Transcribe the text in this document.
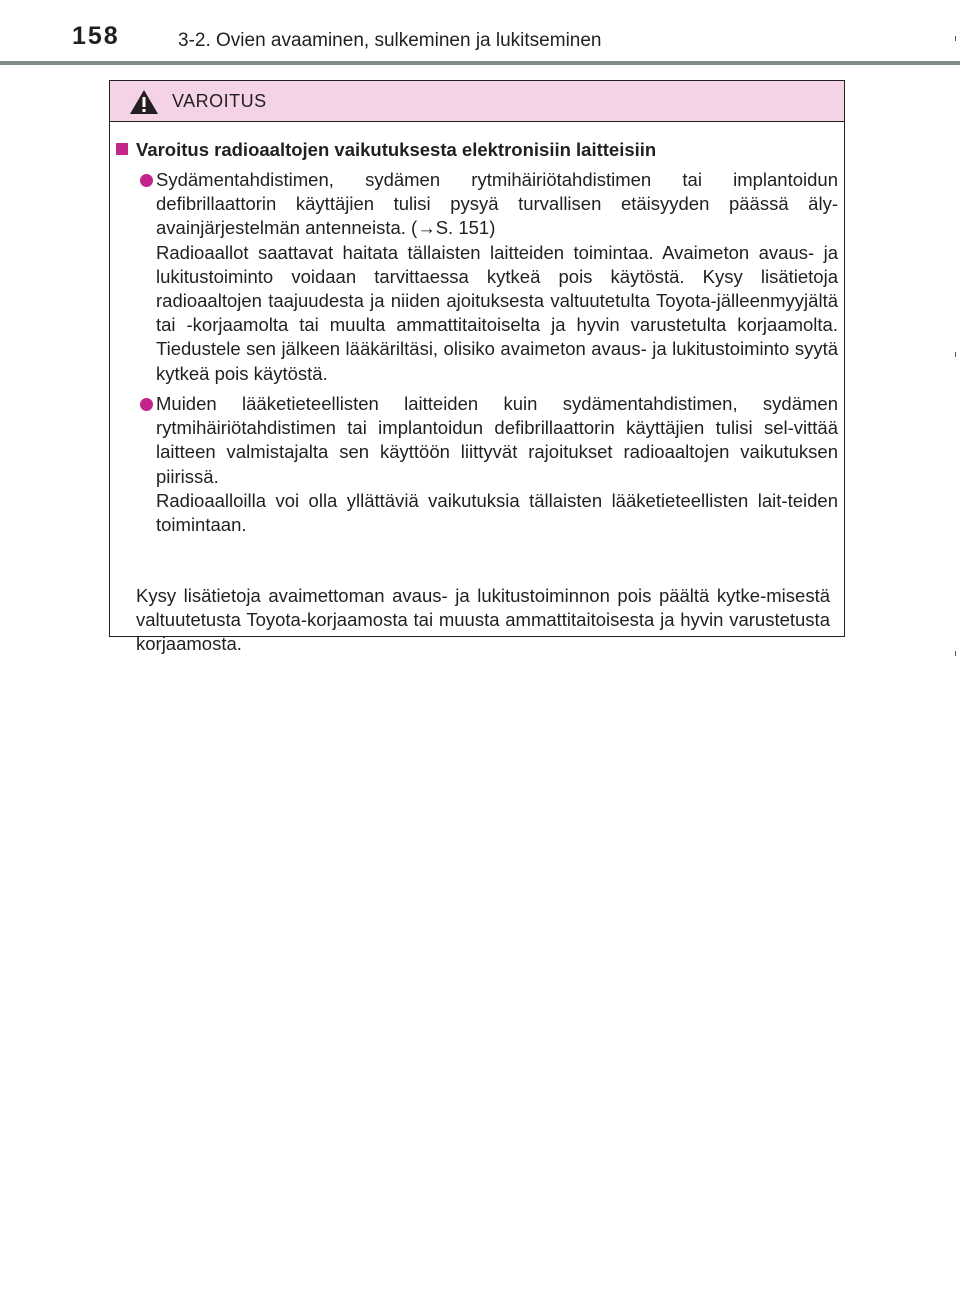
158	3-2. Ovien avaaminen, sulkeminen ja lukitseminen
VAROITUS
Varoitus radioaaltojen vaikutuksesta elektronisiin laitteisiin

Sydämentahdistimen, sydämen rytmihäiriötahdistimen tai implantoidun defibrillaattorin käyttäjien tulisi pysyä turvallisen etäisyyden päässä äly-avainjärjestelmän antenneista. (→S. 151)

Radioaallot saattavat haitata tällaisten laitteiden toimintaa. Avaimeton avaus- ja lukitustoiminto voidaan tarvittaessa kytkeä pois käytöstä. Kysy lisätietoja radioaaltojen taajuudesta ja niiden ajoituksesta valtuutetulta Toyota-jälleenmyyjältä tai -korjaamolta tai muulta ammattitaitoiselta ja hyvin varustetulta korjaamolta. Tiedustele sen jälkeen lääkäriltäsi, olisiko avaimeton avaus- ja lukitustoiminto syytä kytkeä pois käytöstä.

Muiden lääketieteellisten laitteiden kuin sydämentahdistimen, sydämen rytmihäiriötahdistimen tai implantoidun defibrillaattorin käyttäjien tulisi sel-vittää laitteen valmistajalta sen käyttöön liittyvät rajoitukset radioaaltojen vaikutuksen piirissä.

Radioaalloilla voi olla yllättäviä vaikutuksia tällaisten lääketieteellisten lait-teiden toimintaan.

Kysy lisätietoja avaimettoman avaus- ja lukitustoiminnon pois päältä kytke-misestä valtuutetusta Toyota-korjaamosta tai muusta ammattitaitoisesta ja hyvin varustetusta korjaamosta.
